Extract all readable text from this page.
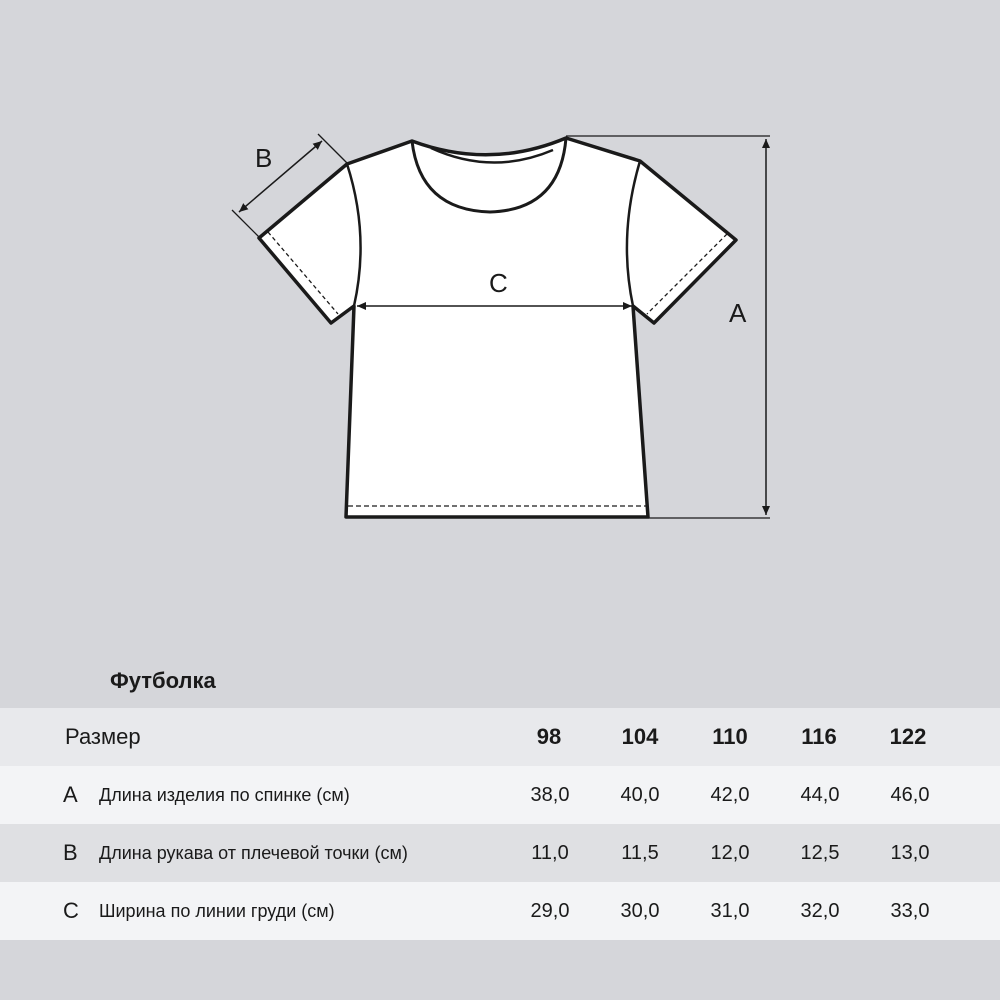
A
B
C
Футболка
Размер	98	104	110	116	122
A Длина изделия по спинке (см)	38,0	40,0	42,0	44,0	46,0
B Длина рукава от плечевой точки (см)	11,0	11,5	12,0	12,5	13,0
C Ширина по линии груди (см)	29,0	30,0	31,0	32,0	33,0
